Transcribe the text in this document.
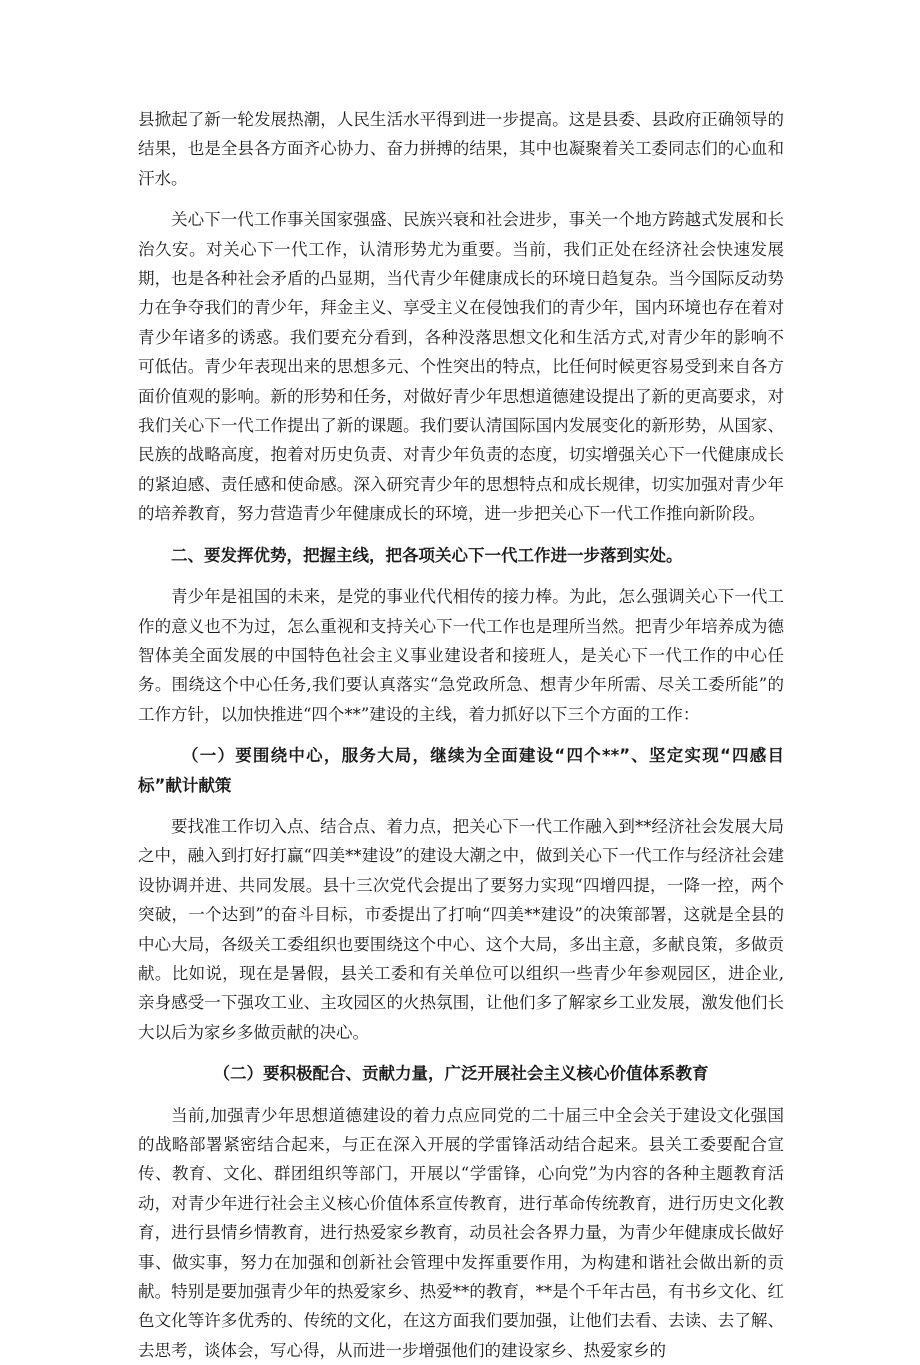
县掀起了新一轮发展热潮，人民生活水平得到进一步提高。这是县委、县政府正确领导的结果，也是全县各方面齐心协力、奋力拼搏的结果，其中也凝聚着关工委同志们的心血和汗水。

关心下一代工作事关国家强盛、民族兴衰和社会进步，事关一个地方跨越式发展和长治久安。对关心下一代工作，认清形势尤为重要。当前，我们正处在经济社会快速发展期，也是各种社会矛盾的凸显期，当代青少年健康成长的环境日趋复杂。当今国际反动势力在争夺我们的青少年，拜金主义、享受主义在侵蚀我们的青少年，国内环境也存在着对青少年诸多的诱惑。我们要充分看到，各种没落思想文化和生活方式,对青少年的影响不可低估。青少年表现出来的思想多元、个性突出的特点，比任何时候更容易受到来自各方面价值观的影响。新的形势和任务，对做好青少年思想道德建设提出了新的更高要求，对我们关心下一代工作提出了新的课题。我们要认清国际国内发展变化的新形势，从国家、民族的战略高度，抱着对历史负责、对青少年负责的态度，切实增强关心下一代健康成长的紧迫感、责任感和使命感。深入研究青少年的思想特点和成长规律，切实加强对青少年的培养教育，努力营造青少年健康成长的环境，进一步把关心下一代工作推向新阶段。

二、要发挥优势，把握主线，把各项关心下一代工作进一步落到实处。

青少年是祖国的未来，是党的事业代代相传的接力棒。为此，怎么强调关心下一代工作的意义也不为过，怎么重视和支持关心下一代工作也是理所当然。把青少年培养成为德智体美全面发展的中国特色社会主义事业建设者和接班人，是关心下一代工作的中心任务。围绕这个中心任务,我们要认真落实“急党政所急、想青少年所需、尽关工委所能”的工作方针，以加快推进“四个**”建设的主线，着力抓好以下三个方面的工作：

（一）要围绕中心，服务大局，继续为全面建设“四个**”、坚定实现“四感目标”献计献策

要找准工作切入点、结合点、着力点，把关心下一代工作融入到**经济社会发展大局之中，融入到打好打赢“四美**建设”的建设大潮之中，做到关心下一代工作与经济社会建设协调并进、共同发展。县十三次党代会提出了要努力实现“四增四提，一降一控，两个突破，一个达到”的奋斗目标，市委提出了打响“四美**建设”的决策部署，这就是全县的中心大局，各级关工委组织也要围绕这个中心、这个大局，多出主意，多献良策，多做贡献。比如说，现在是暑假，县关工委和有关单位可以组织一些青少年参观园区，进企业,亲身感受一下强攻工业、主攻园区的火热氛围，让他们多了解家乡工业发展，激发他们长大以后为家乡多做贡献的决心。

（二）要积极配合、贡献力量，广泛开展社会主义核心价值体系教育

当前,加强青少年思想道德建设的着力点应同党的二十届三中全会关于建设文化强国的战略部署紧密结合起来，与正在深入开展的学雷锋活动结合起来。县关工委要配合宣传、教育、文化、群团组织等部门，开展以“学雷锋，心向党”为内容的各种主题教育活动，对青少年进行社会主义核心价值体系宣传教育，进行革命传统教育，进行历史文化教育，进行县情乡情教育，进行热爱家乡教育，动员社会各界力量，为青少年健康成长做好事、做实事，努力在加强和创新社会管理中发挥重要作用，为构建和谐社会做出新的贡献。特别是要加强青少年的热爱家乡、热爱**的教育，**是个千年古邑，有书乡文化、红色文化等许多优秀的、传统的文化，在这方面我们要加强，让他们去看、去读、去了解、去思考，谈体会，写心得，从而进一步增强他们的建设家乡、热爱家乡的
